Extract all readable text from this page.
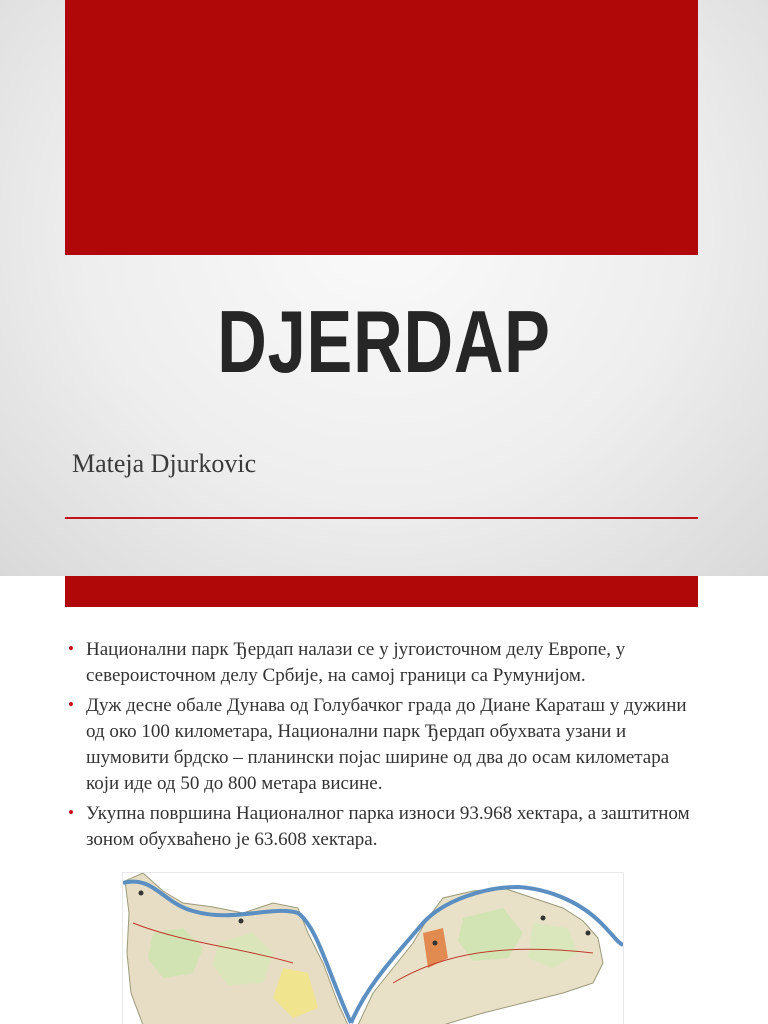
DJERDAP
Mateja Djurkovic
• Национални парк Ђердап налази се у југоисточном делу Европе, у североисточном делу Србије, на самој граници са Румунијом.
• Дуж десне обале Дунава од Голубачког града до Диане Караташ у дужини од око 100 километара, Национални парк Ђердап обухвата узани и шумовити брдско – планински појас ширине од два до осам километара који иде од 50 до 800 метара висине.
• Укупна површина Националног парка износи 93.968 хектара, а заштитном зоном обухваћено је 63.608 хектара.
